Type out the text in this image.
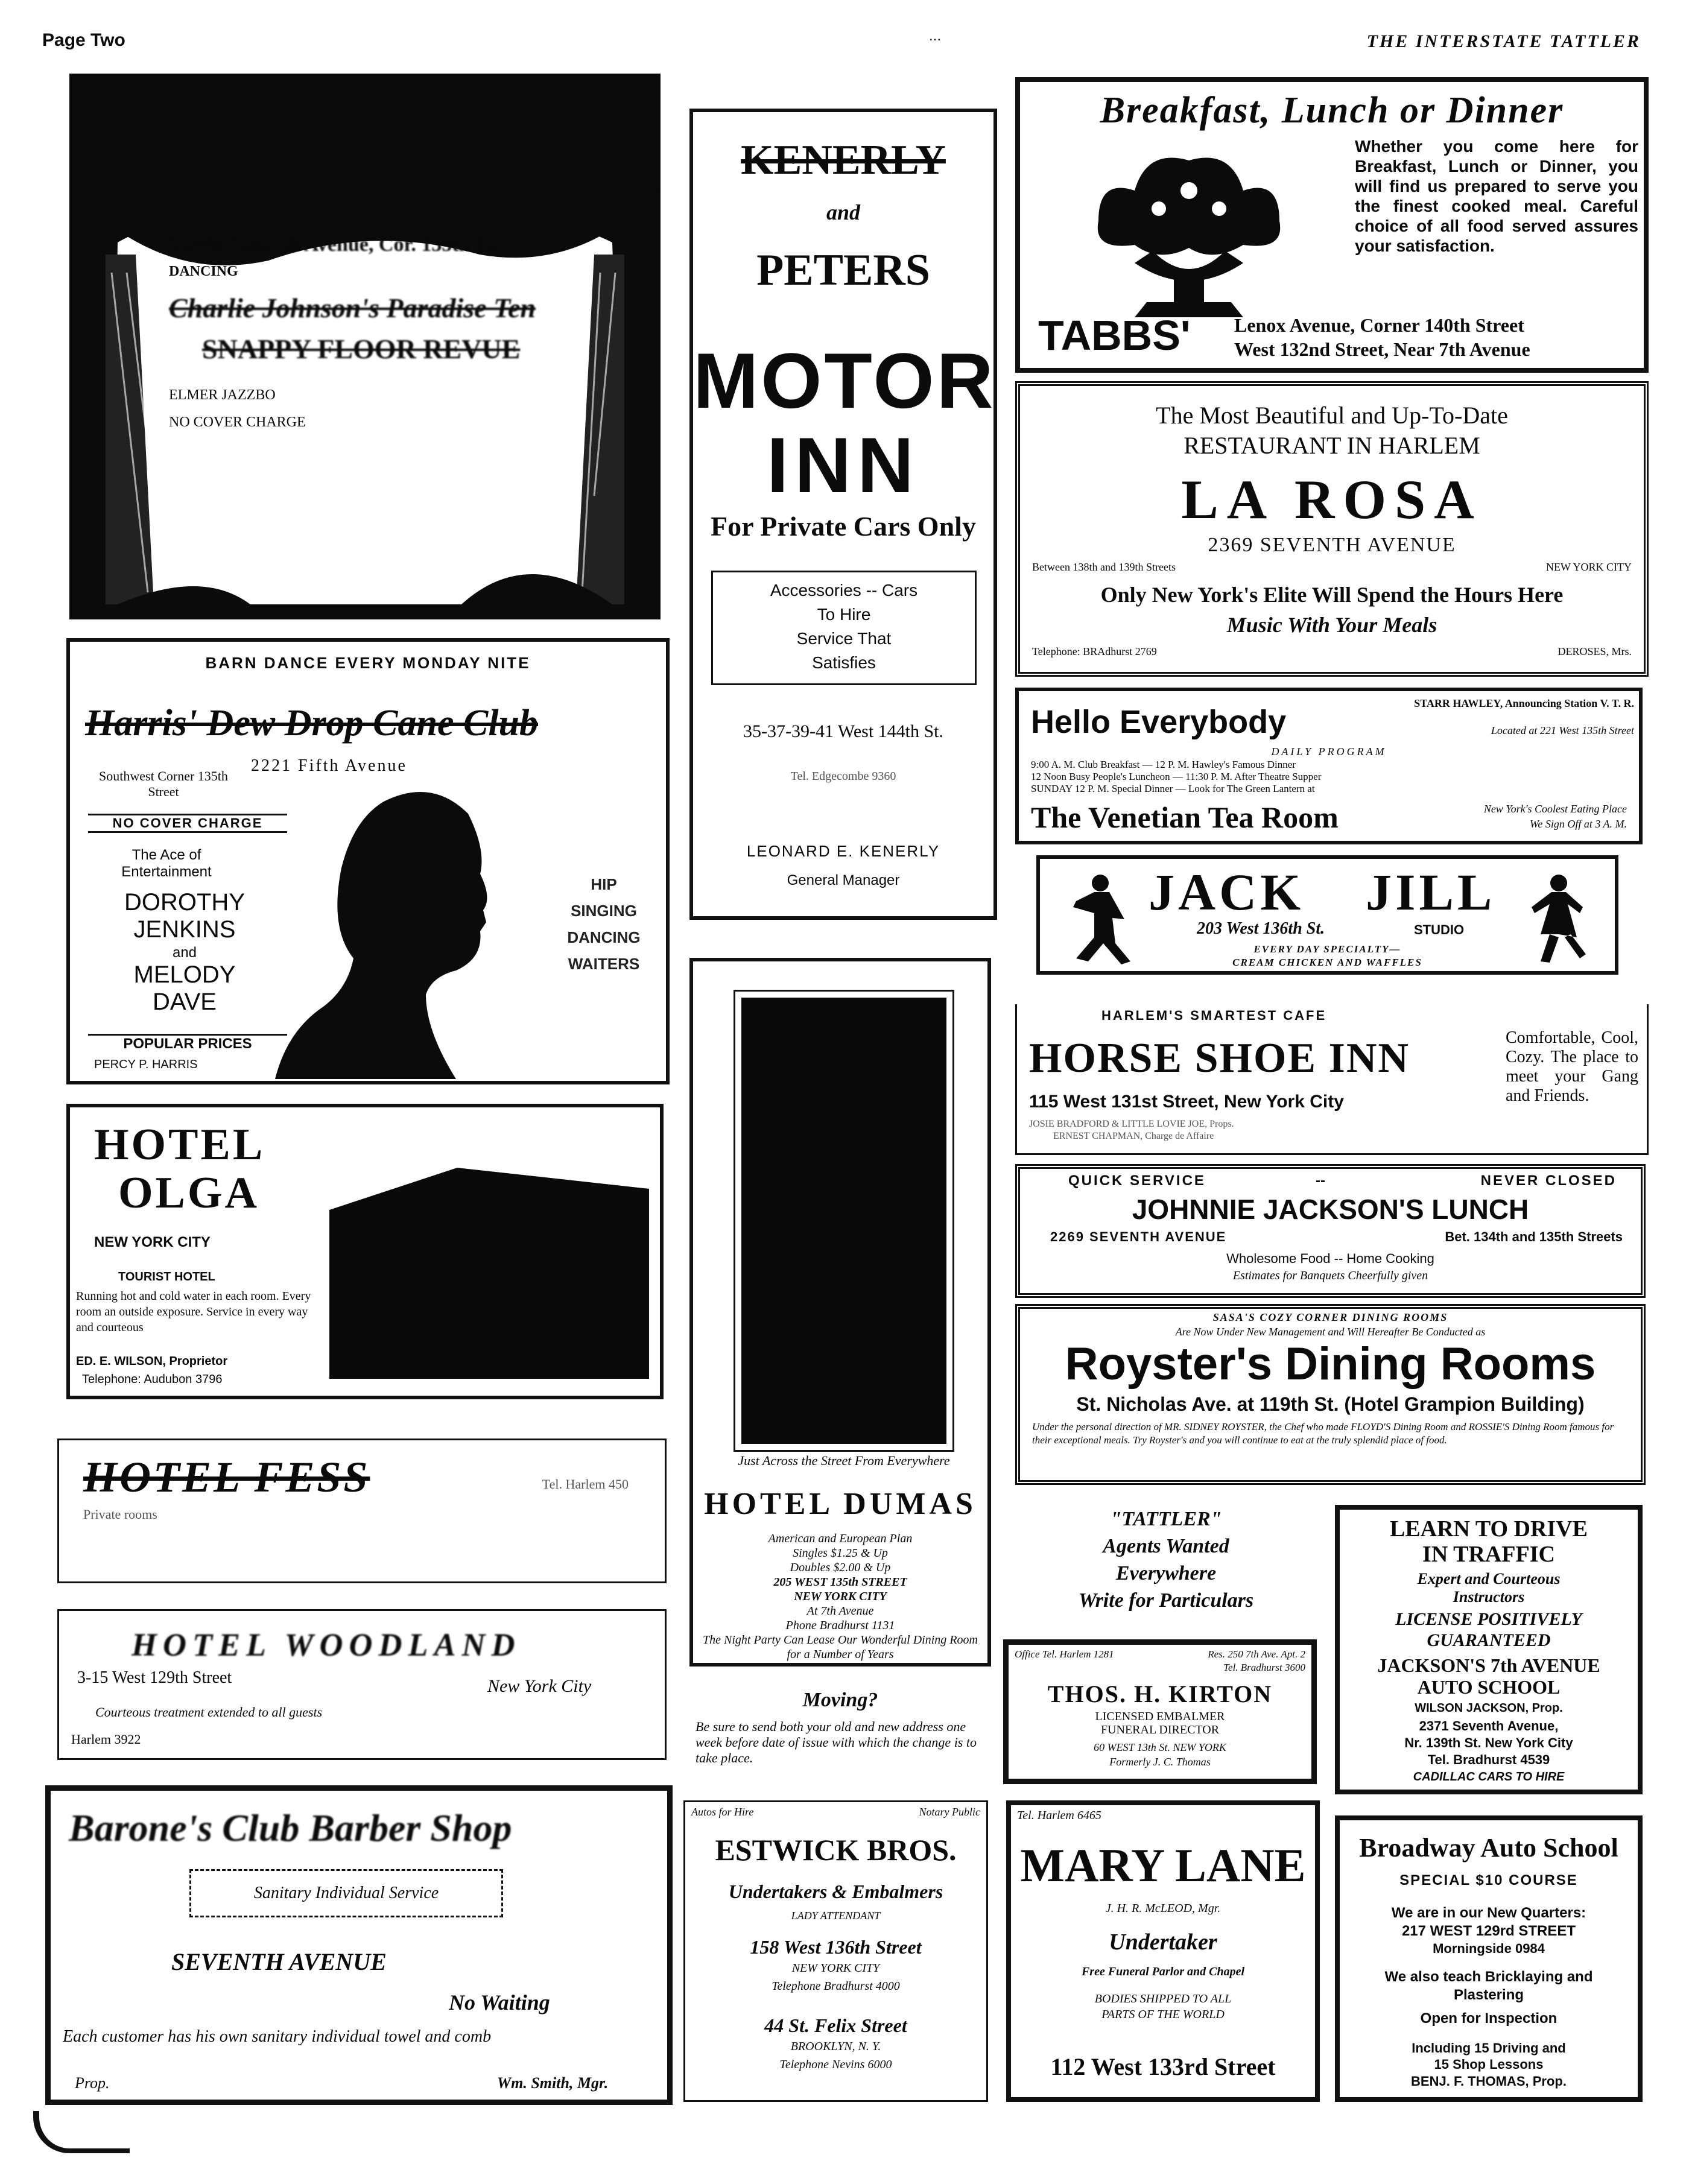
Page Two	...	THE INTERSTATE TATTLER
2294½ Seventh Avenue, Cor. 135th St.
DANCING
Charlie Johnson's Paradise Ten
SNAPPY FLOOR REVUE
ELMER JAZZBO
NO COVER CHARGE
BARN DANCE EVERY MONDAY NITE
Harris' Dew Drop Cane Club
2221 Fifth Avenue
Southwest Corner 135th Street
NO COVER CHARGE
The Ace of Entertainment
DOROTHY
JENKINS
and
MELODY
DAVE
POPULAR PRICES
PERCY P. HARRIS
HIP
SINGING
DANCING
WAITERS
HOTEL
OLGA
NEW YORK CITY
TOURIST HOTEL
Running hot and cold water in each room. Every room an outside exposure. Service in every way and courteous
ED. E. WILSON, Proprietor
Telephone: Audubon 3796
HOTEL FESS	Tel. Harlem 450
Private rooms
HOTEL WOODLAND
3-15 West 129th Street	New York City
Courteous treatment extended to all guests
Harlem 3922
Barone's Club Barber Shop
Sanitary Individual Service
SEVENTH AVENUE
No Waiting
Each customer has his own sanitary individual towel and comb
Prop.	Wm. Smith, Mgr.
KENERLY
and
PETERS
MOTOR
INN
For Private Cars Only
Accessories -- Cars
To Hire
Service That
Satisfies
35-37-39-41 West 144th St.
Tel. Edgecombe 9360
LEONARD E. KENERLY
General Manager
Just Across the Street From Everywhere
HOTEL DUMAS
American and European Plan
Singles $1.25 & Up
Doubles $2.00 & Up
205 WEST 135th STREET
NEW YORK CITY
At 7th Avenue
Phone Bradhurst 1131
The Night Party Can Lease Our Wonderful Dining Room for a Number of Years
Moving?
Be sure to send both your old and new address one week before date of issue with which the change is to take place.
Autos for Hire	Notary Public
ESTWICK BROS.
Undertakers & Embalmers
LADY ATTENDANT
158 West 136th Street
NEW YORK CITY
Telephone Bradhurst 4000
44 St. Felix Street
BROOKLYN, N. Y.
Telephone Nevins 6000
Breakfast, Lunch or Dinner
Whether you come here for Breakfast, Lunch or Dinner, you will find us prepared to serve you the finest cooked meal. Careful choice of all food served assures your satisfaction.
TABBS' Lenox Avenue, Corner 140th Street
West 132nd Street, Near 7th Avenue
The Most Beautiful and Up-To-Date
RESTAURANT IN HARLEM
LA ROSA
2369 SEVENTH AVENUE
Between 138th and 139th Streets	NEW YORK CITY
Only New York's Elite Will Spend the Hours Here
Music With Your Meals
Telephone: BRAdhurst 2769	DEROSES, Mrs.
Hello Everybody
STARR HAWLEY, Announcing Station V. T. R.
Located at 221 West 135th Street
DAILY PROGRAM
9:00 A. M. Club Breakfast — 12 P. M. Hawley's Famous Dinner
12 Noon Busy People's Luncheon — 11:30 P. M. After Theatre Supper
SUNDAY 12 P. M. Special Dinner — Look for The Green Lantern at
The Venetian Tea Room	New York's Coolest Eating Place
We Sign Off at 3 A. M.
JACK JILL
203 West 136th St.	STUDIO
EVERY DAY SPECIALTY—
CREAM CHICKEN AND WAFFLES
HARLEM'S SMARTEST CAFE
HORSE SHOE INN
115 West 131st Street, New York City
Comfortable, Cool, Cozy. The place to meet your Gang and Friends.
JOSIE BRADFORD & LITTLE LOVIE JOE, Props.
ERNEST CHAPMAN, Charge de Affaire
QUICK SERVICE	--	NEVER CLOSED
JOHNNIE JACKSON'S LUNCH
2269 SEVENTH AVENUE	Bet. 134th and 135th Streets
Wholesome Food -- Home Cooking
Estimates for Banquets Cheerfully given
SASA'S COZY CORNER DINING ROOMS
Are Now Under New Management and Will Hereafter Be Conducted as
Royster's Dining Rooms
St. Nicholas Ave. at 119th St. (Hotel Grampion Building)
Under the personal direction of MR. SIDNEY ROYSTER, the Chef who made FLOYD'S Dining Room and ROSSIE'S Dining Room famous for their exceptional meals. Try Royster's and you will continue to eat at the truly splendid place of food.
"TATTLER"
Agents Wanted
Everywhere
Write for Particulars
Office Tel. Harlem 1281	Res. 250 7th Ave. Apt. 2
Tel. Bradhurst 3600
THOS. H. KIRTON
LICENSED EMBALMER
FUNERAL DIRECTOR
60 WEST 13th St. NEW YORK
Formerly J. C. Thomas
LEARN TO DRIVE
IN TRAFFIC
Expert and Courteous
Instructors
LICENSE POSITIVELY
GUARANTEED
JACKSON'S 7th AVENUE
AUTO SCHOOL
WILSON JACKSON, Prop.
2371 Seventh Avenue,
Nr. 139th St. New York City
Tel. Bradhurst 4539
CADILLAC CARS TO HIRE
Tel. Harlem 6465
MARY LANE
J. H. R. McLEOD, Mgr.
Undertaker
Free Funeral Parlor and Chapel
BODIES SHIPPED TO ALL
PARTS OF THE WORLD
112 West 133rd Street
Broadway Auto School
SPECIAL $10 COURSE
We are in our New Quarters:
217 WEST 129rd STREET
Morningside 0984
We also teach Bricklaying and Plastering
Open for Inspection
Including 15 Driving and
15 Shop Lessons
BENJ. F. THOMAS, Prop.
